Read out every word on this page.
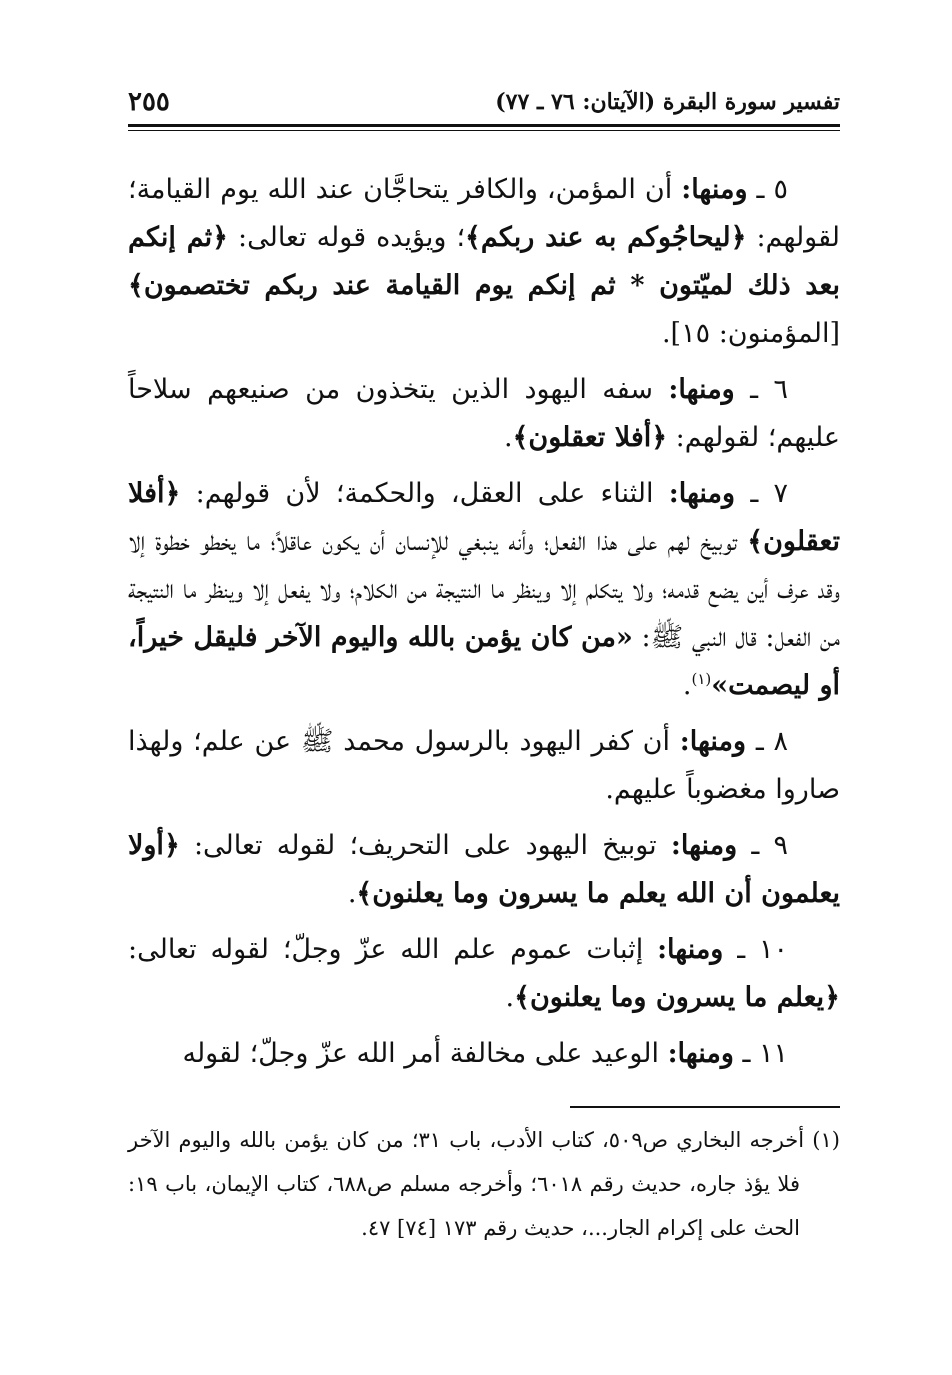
تفسير سورة البقرة (الآيتان: ٧٦ ـ ٧٧)
٢٥٥

٥ ـ ومنها: أن المؤمن، والكافر يتحاجَّان عند الله يوم القيامة؛ لقولهم: ﴿ليحاجُوكم به عند ربكم﴾؛ ويؤيده قوله تعالى: ﴿ثم إنكم بعد ذلك لميّتون * ثم إنكم يوم القيامة عند ربكم تختصمون﴾ [المؤمنون: ١٥].

٦ ـ ومنها: سفه اليهود الذين يتخذون من صنيعهم سلاحاً عليهم؛ لقولهم: ﴿أفلا تعقلون﴾.

٧ ـ ومنها: الثناء على العقل، والحكمة؛ لأن قولهم: ﴿أفلا تعقلون﴾ توبيخ لهم على هذا الفعل؛ وأنه ينبغي للإنسان أن يكون عاقلاً؛ ما يخطو خطوة إلا وقد عرف أين يضع قدمه؛ ولا يتكلم إلا وينظر ما النتيجة من الكلام؛ ولا يفعل إلا وينظر ما النتيجة من الفعل: قال النبي ﷺ: «من كان يؤمن بالله واليوم الآخر فليقل خيراً، أو ليصمت»$^{(١)}$.

٨ ـ ومنها: أن كفر اليهود بالرسول محمد ﷺ عن علم؛ ولهذا صاروا مغضوباً عليهم.

٩ ـ ومنها: توبيخ اليهود على التحريف؛ لقوله تعالى: ﴿أولا يعلمون أن الله يعلم ما يسرون وما يعلنون﴾.

١٠ ـ ومنها: إثبات عموم علم الله عزّ وجلّ؛ لقوله تعالى: ﴿يعلم ما يسرون وما يعلنون﴾.

١١ ـ ومنها: الوعيد على مخالفة أمر الله عزّ وجلّ؛ لقوله

(١) أخرجه البخاري ص٥٠٩، كتاب الأدب، باب ٣١؛ من كان يؤمن بالله واليوم الآخر فلا يؤذ جاره، حديث رقم ٦٠١٨؛ وأخرجه مسلم ص٦٨٨، كتاب الإيمان، باب ١٩: الحث على إكرام الجار...، حديث رقم ١٧٣ [٧٤] ٤٧.
